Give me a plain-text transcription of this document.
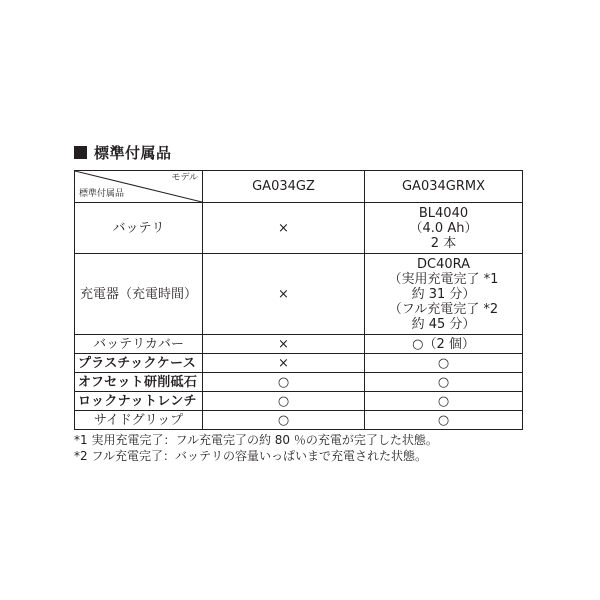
標準付属品
モデル
標準付属品	GA034GZ	GA034GRMX
バッテリ	×	BL4040
（4.0 Ah）
2 本

充電器（充電時間）	×	DC40RA
（実用充電完了 *1
約 31 分）
（フル充電完了 *2
約 45 分）

バッテリカバー	×	○（2 個）
プラスチックケース	×	○
オフセット研削砥石	○	○
ロックナットレンチ	○	○
サイドグリップ	○	○
*1 実用充電完了：フル充電完了の約 80 ％の充電が完了した状態。
*2 フル充電完了：バッテリの容量いっぱいまで充電された状態。
